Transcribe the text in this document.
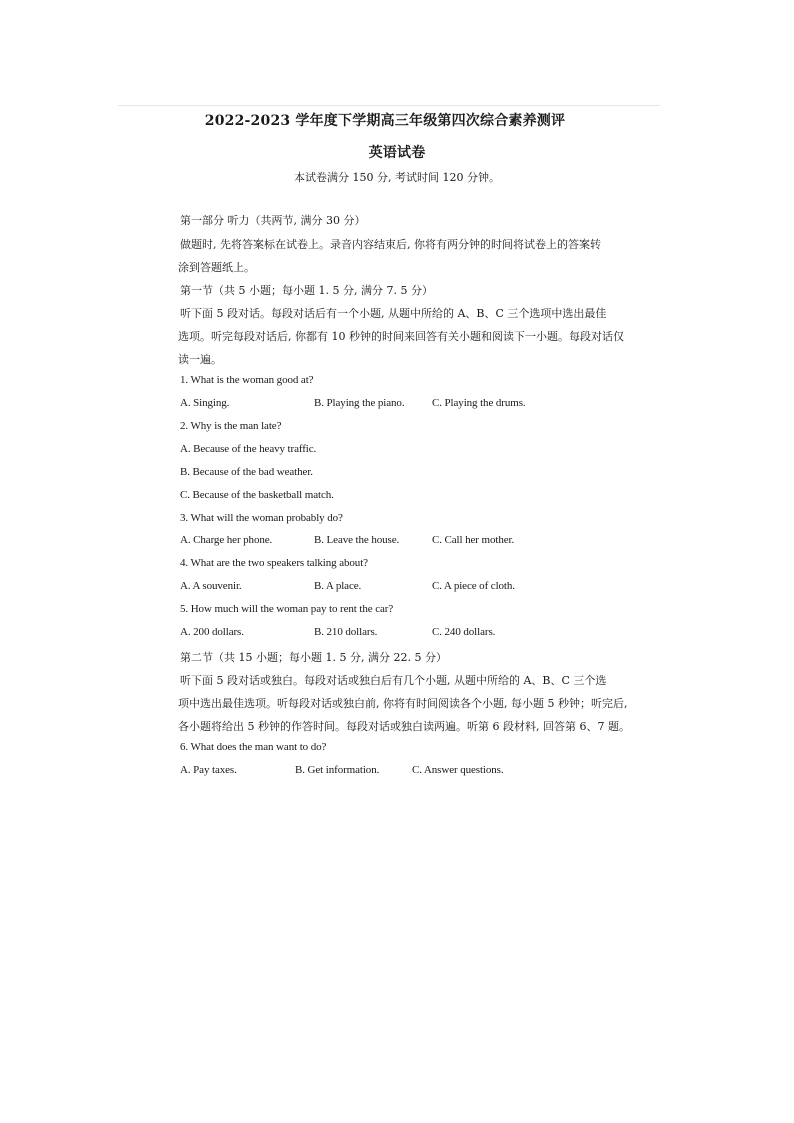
2022-2023 学年度下学期高三年级第四次综合素养测评
英语试卷
本试卷满分 150 分, 考试时间 120 分钟。
第一部分 听力（共两节, 满分 30 分）
做题时, 先将答案标在试卷上。录音内容结束后, 你将有两分钟的时间将试卷上的答案转
涂到答题纸上。
第一节（共 5 小题；每小题 1. 5 分, 满分 7. 5 分）
听下面 5 段对话。每段对话后有一个小题, 从题中所给的 A、B、C 三个选项中选出最佳
选项。听完每段对话后, 你都有 10 秒钟的时间来回答有关小题和阅读下一小题。每段对话仅
读一遍。
1. What is the woman good at?
A. Singing.	B. Playing the piano.	C. Playing the drums.
2. Why is the man late?
A. Because of the heavy traffic.
B. Because of the bad weather.
C. Because of the basketball match.
3. What will the woman probably do?
A. Charge her phone.	B. Leave the house.	C. Call her mother.
4. What are the two speakers talking about?
A. A souvenir.	B. A place.	C. A piece of cloth.
5. How much will the woman pay to rent the car?
A. 200 dollars.	B. 210 dollars.	C. 240 dollars.
第二节（共 15 小题；每小题 1. 5 分, 满分 22. 5 分）
听下面 5 段对话或独白。每段对话或独白后有几个小题, 从题中所给的 A、B、C 三个选
项中选出最佳选项。听每段对话或独白前, 你将有时间阅读各个小题, 每小题 5 秒钟；听完后,
各小题将给出 5 秒钟的作答时间。每段对话或独白读两遍。听第 6 段材料, 回答第 6、7 题。
6. What does the man want to do?
A. Pay taxes.	B. Get information.	C. Answer questions.
